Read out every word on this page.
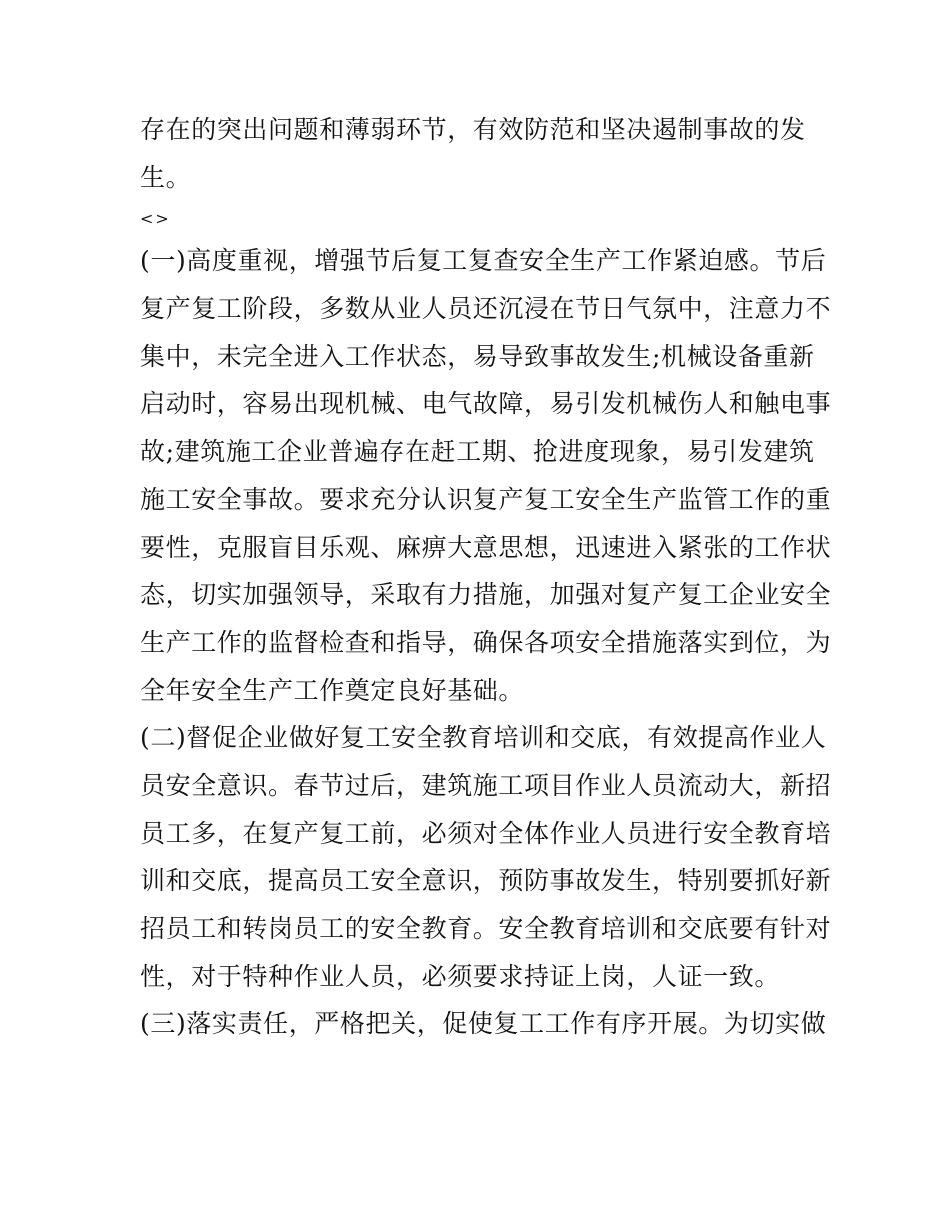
存在的突出问题和薄弱环节，有效防范和坚决遏制事故的发
生。
<>
(一)高度重视，增强节后复工复查安全生产工作紧迫感。节后
复产复工阶段，多数从业人员还沉浸在节日气氛中，注意力不
集中，未完全进入工作状态，易导致事故发生;机械设备重新
启动时，容易出现机械、电气故障，易引发机械伤人和触电事
故;建筑施工企业普遍存在赶工期、抢进度现象，易引发建筑
施工安全事故。要求充分认识复产复工安全生产监管工作的重
要性，克服盲目乐观、麻痹大意思想，迅速进入紧张的工作状
态，切实加强领导，采取有力措施，加强对复产复工企业安全
生产工作的监督检查和指导，确保各项安全措施落实到位，为
全年安全生产工作奠定良好基础。
(二)督促企业做好复工安全教育培训和交底，有效提高作业人
员安全意识。春节过后，建筑施工项目作业人员流动大，新招
员工多，在复产复工前，必须对全体作业人员进行安全教育培
训和交底，提高员工安全意识，预防事故发生，特别要抓好新
招员工和转岗员工的安全教育。安全教育培训和交底要有针对
性，对于特种作业人员，必须要求持证上岗，人证一致。
(三)落实责任，严格把关，促使复工工作有序开展。为切实做
